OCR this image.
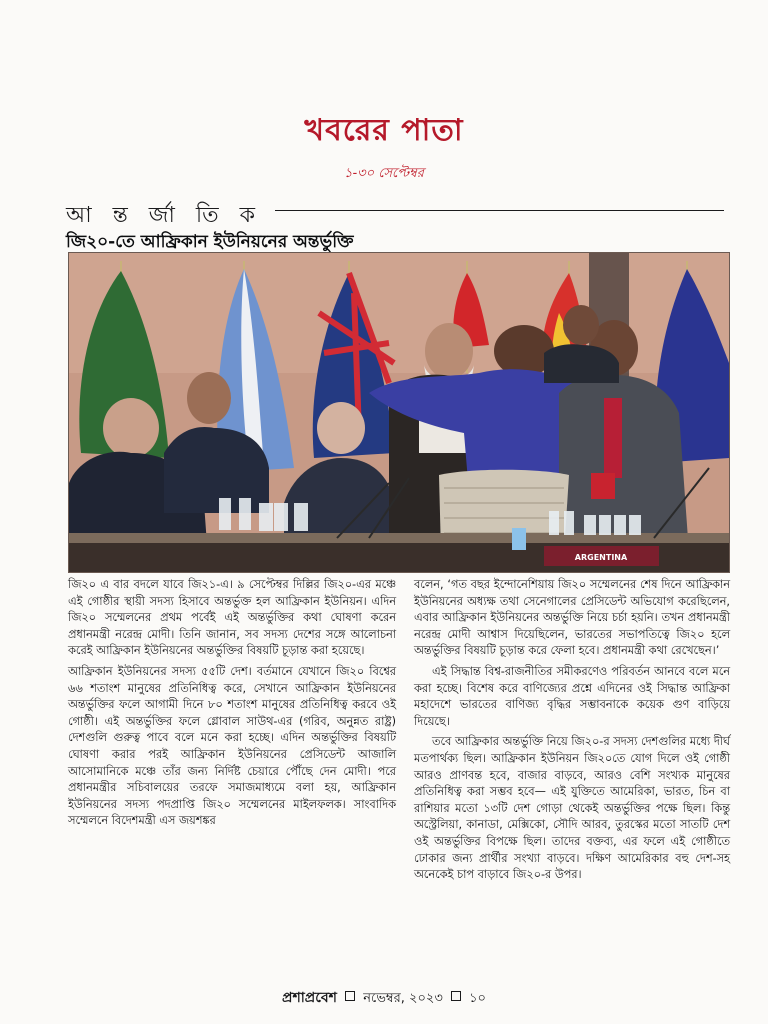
খবরের পাতা
১-৩০ সেপ্টেম্বর
আ ন্ত র্জা তি ক
জি২০-তে আফ্রিকান ইউনিয়নের অন্তর্ভুক্তি
ARGENTINA

জি২০ এ বার বদলে যাবে জি২১-এ। ৯ সেপ্টেম্বর দিল্লির জি২০-এর মঞ্চে এই গোষ্ঠীর স্থায়ী সদস্য হিসাবে অন্তর্ভুক্ত হল আফ্রিকান ইউনিয়ন। এদিন জি২০ সম্মেলনের প্রথম পর্বেই এই অন্তর্ভুক্তির কথা ঘোষণা করেন প্রধানমন্ত্রী নরেন্দ্র মোদী। তিনি জানান, সব সদস্য দেশের সঙ্গে আলোচনা করেই আফ্রিকান ইউনিয়নের অন্তর্ভুক্তির বিষয়টি চূড়ান্ত করা হয়েছে।

আফ্রিকান ইউনিয়নের সদস্য ৫৫টি দেশ। বর্তমানে যেখানে জি২০ বিশ্বের ৬৬ শতাংশ মানুষের প্রতিনিধিত্ব করে, সেখানে আফ্রিকান ইউনিয়নের অন্তর্ভুক্তির ফলে আগামী দিনে ৮০ শতাংশ মানুষের প্রতিনিধিত্ব করবে ওই গোষ্ঠী। এই অন্তর্ভুক্তির ফলে গ্লোবাল সাউথ-এর (গরিব, অনুন্নত রাষ্ট্র) দেশগুলি গুরুত্ব পাবে বলে মনে করা হচ্ছে। এদিন অন্তর্ভুক্তির বিষয়টি ঘোষণা করার পরই আফ্রিকান ইউনিয়নের প্রেসিডেন্ট আজালি আসোমানিকে মঞ্চে তাঁর জন্য নির্দিষ্ট চেয়ারে পৌঁছে দেন মোদী। পরে প্রধানমন্ত্রীর সচিবালয়ের তরফে সমাজমাধ্যমে বলা হয়, আফ্রিকান ইউনিয়নের সদস্য পদপ্রাপ্তি জি২০ সম্মেলনের মাইলফলক। সাংবাদিক সম্মেলনে বিদেশমন্ত্রী এস জয়শঙ্কর

বলেন, ‘গত বছর ইন্দোনেশিয়ায় জি২০ সম্মেলনের শেষ দিনে আফ্রিকান ইউনিয়নের অধ্যক্ষ তথা সেনেগালের প্রেসিডেন্ট অভিযোগ করেছিলেন, এবার আফ্রিকান ইউনিয়নের অন্তর্ভুক্তি নিয়ে চর্চা হয়নি। তখন প্রধানমন্ত্রী নরেন্দ্র মোদী আশ্বাস দিয়েছিলেন, ভারতের সভাপতিত্বে জি২০ হলে অন্তর্ভুক্তির বিষয়টি চূড়ান্ত করে ফেলা হবে। প্রধানমন্ত্রী কথা রেখেছেন।’

এই সিদ্ধান্ত বিশ্ব-রাজনীতির সমীকরণেও পরিবর্তন আনবে বলে মনে করা হচ্ছে। বিশেষ করে বাণিজ্যের প্রশ্নে এদিনের ওই সিদ্ধান্ত আফ্রিকা মহাদেশে ভারতের বাণিজ্য বৃদ্ধির সম্ভাবনাকে কয়েক গুণ বাড়িয়ে দিয়েছে।

তবে আফ্রিকার অন্তর্ভুক্তি নিয়ে জি২০-র সদস্য দেশগুলির মধ্যে দীর্ঘ মতপার্থক্য ছিল। আফ্রিকান ইউনিয়ন জি২০তে যোগ দিলে ওই গোষ্ঠী আরও প্রাণবন্ত হবে, বাজার বাড়বে, আরও বেশি সংখ্যক মানুষের প্রতিনিধিত্ব করা সম্ভব হবে— এই যুক্তিতে আমেরিকা, ভারত, চিন বা রাশিয়ার মতো ১৩টি দেশ গোড়া থেকেই অন্তর্ভুক্তির পক্ষে ছিল। কিন্তু অস্ট্রেলিয়া, কানাডা, মেক্সিকো, সৌদি আরব, তুরস্কের মতো সাতটি দেশ ওই অন্তর্ভুক্তির বিপক্ষে ছিল। তাদের বক্তব্য, এর ফলে এই গোষ্ঠীতে ঢোকার জন্য প্রার্থীর সংখ্যা বাড়বে। দক্ষিণ আমেরিকার বহু দেশ-সহ অনেকেই চাপ বাড়াবে জি২০-র উপর।

প্রশাপ্রবেশ নভেম্বর, ২০২৩ ১০
